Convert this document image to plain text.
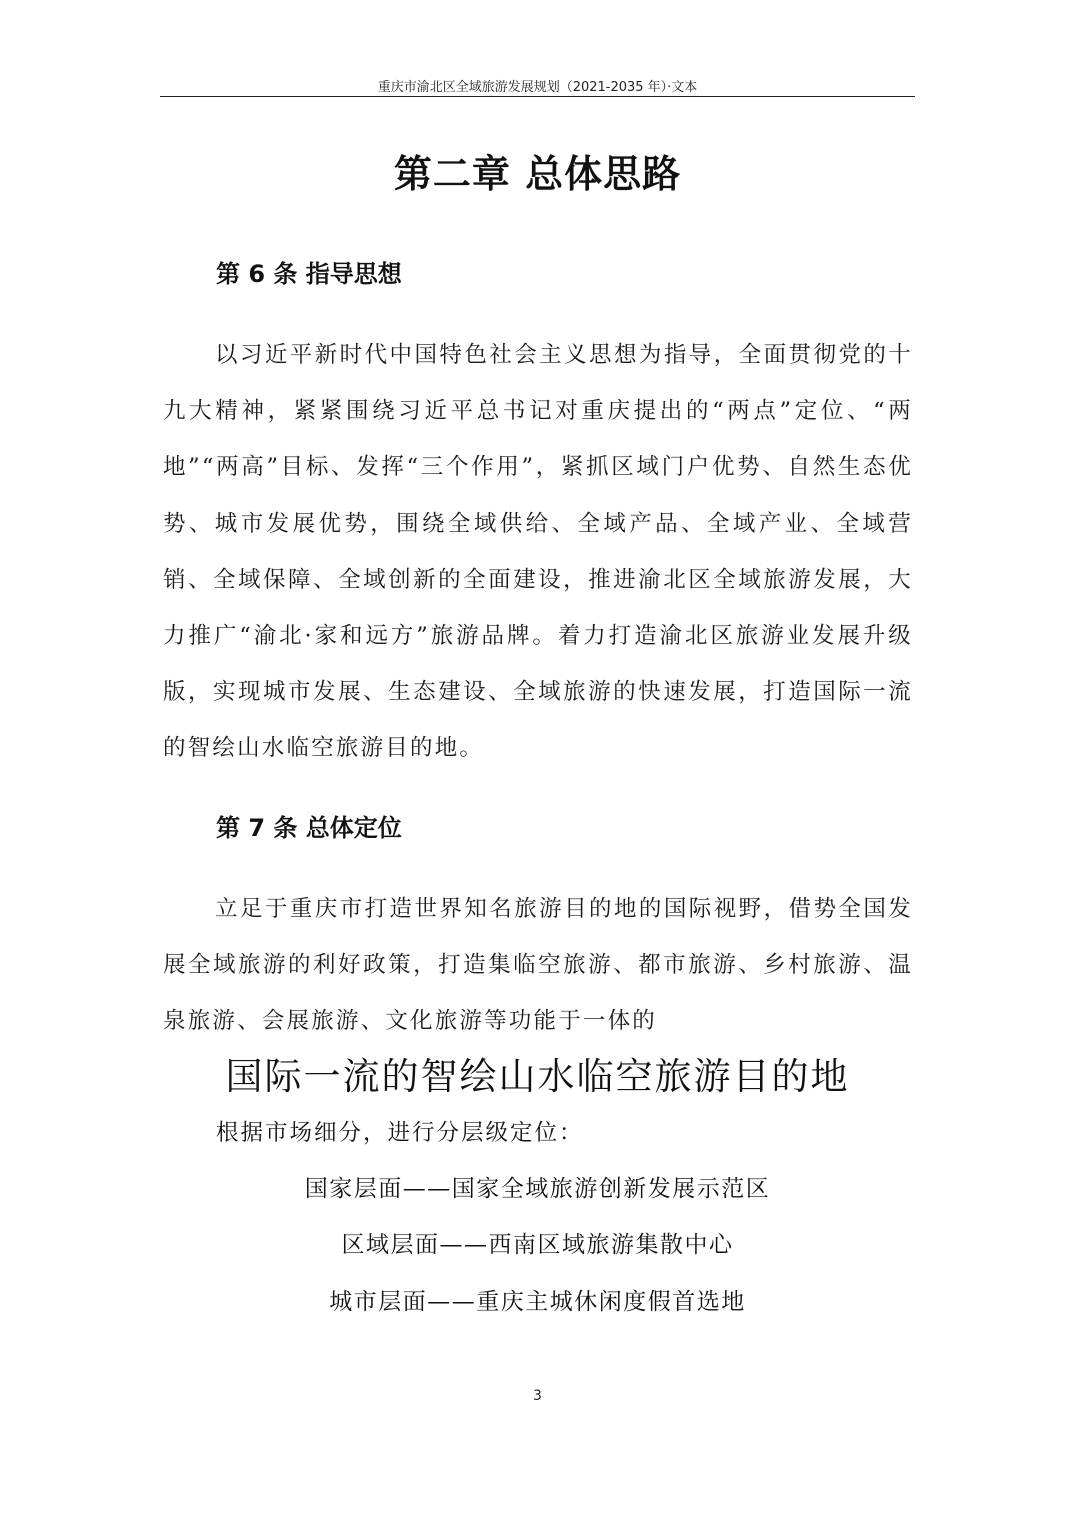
重庆市渝北区全域旅游发展规划（2021-2035 年）·文本
第二章 总体思路
第 6 条 指导思想
以习近平新时代中国特色社会主义思想为指导，全面贯彻党的十九大精神，紧紧围绕习近平总书记对重庆提出的“两点”定位、“两地”“两高”目标、发挥“三个作用”，紧抓区域门户优势、自然生态优势、城市发展优势，围绕全域供给、全域产品、全域产业、全域营销、全域保障、全域创新的全面建设，推进渝北区全域旅游发展，大力推广“渝北·家和远方”旅游品牌。着力打造渝北区旅游业发展升级版，实现城市发展、生态建设、全域旅游的快速发展，打造国际一流的智绘山水临空旅游目的地。
第 7 条 总体定位
立足于重庆市打造世界知名旅游目的地的国际视野，借势全国发展全域旅游的利好政策，打造集临空旅游、都市旅游、乡村旅游、温泉旅游、会展旅游、文化旅游等功能于一体的
国际一流的智绘山水临空旅游目的地
根据市场细分，进行分层级定位：
国家层面——国家全域旅游创新发展示范区
区域层面——西南区域旅游集散中心
城市层面——重庆主城休闲度假首选地
3
